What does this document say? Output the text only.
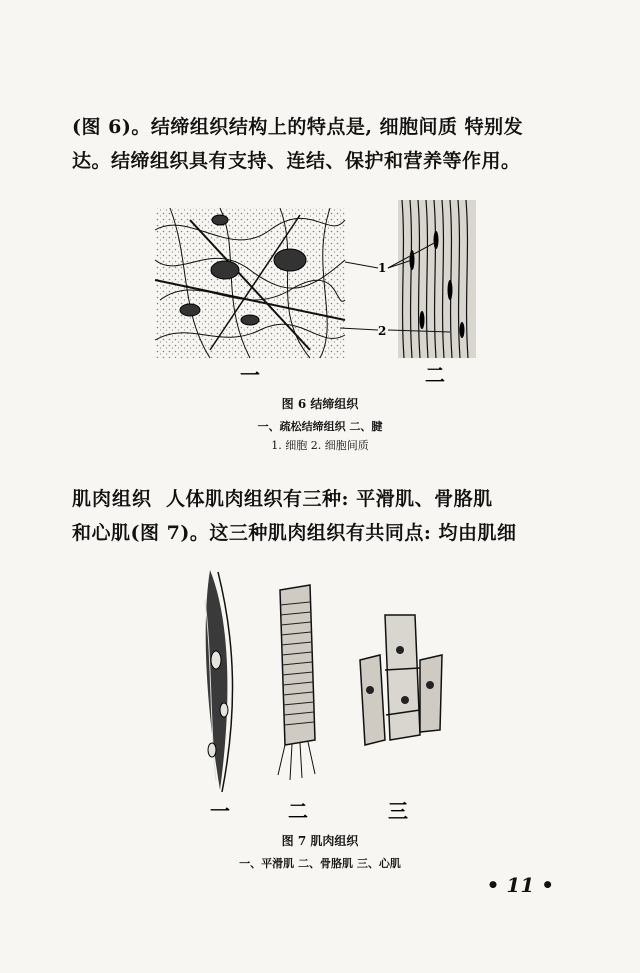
(图 6)。结缔组织结构上的特点是, 细胞间质 特别发
达。结缔组织具有支持、连结、保护和营养等作用。
1
2
一	二
图 6 结缔组织
一、疏松结缔组织 二、腱
1. 细胞 2. 细胞间质
肌肉组织 人体肌肉组织有三种: 平滑肌、骨胳肌
和心肌(图 7)。这三种肌肉组织有共同点: 均由肌细
一	二	三
图 7 肌肉组织
一、平滑肌 二、骨胳肌 三、心肌
• 11 •
